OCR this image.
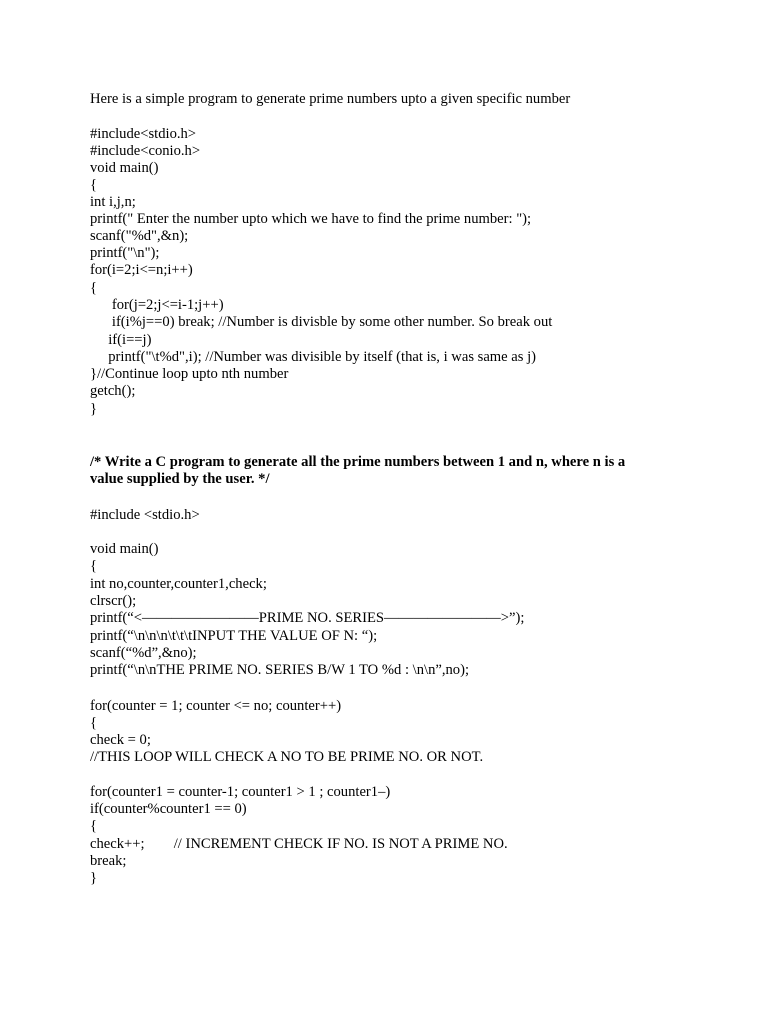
Here is a simple program to generate prime numbers upto a given specific number
#include<stdio.h>
#include<conio.h>
void main()
{
int i,j,n;
printf(" Enter the number upto which we have to find the prime number: ");
scanf("%d",&n);
printf("\n");
for(i=2;i<=n;i++)
{
for(j=2;j<=i-1;j++)
if(i%j==0) break; //Number is divisble by some other number. So break out
if(i==j)
printf("\t%d",i); //Number was divisible by itself (that is, i was same as j)
}//Continue loop upto nth number
getch();
}
/* Write a C program to generate all the prime numbers between 1 and n, where n is a
value supplied by the user. */
#include <stdio.h>
void main()
{
int no,counter,counter1,check;
clrscr();
printf(“<————————PRIME NO. SERIES————————>”);
printf(“\n\n\n\t\t\tINPUT THE VALUE OF N: “);
scanf(“%d”,&no);
printf(“\n\nTHE PRIME NO. SERIES B/W 1 TO %d : \n\n”,no);
for(counter = 1; counter <= no; counter++)
{
check = 0;
//THIS LOOP WILL CHECK A NO TO BE PRIME NO. OR NOT.
for(counter1 = counter-1; counter1 > 1 ; counter1–)
if(counter%counter1 == 0)
{
check++;        // INCREMENT CHECK IF NO. IS NOT A PRIME NO.
break;
}
